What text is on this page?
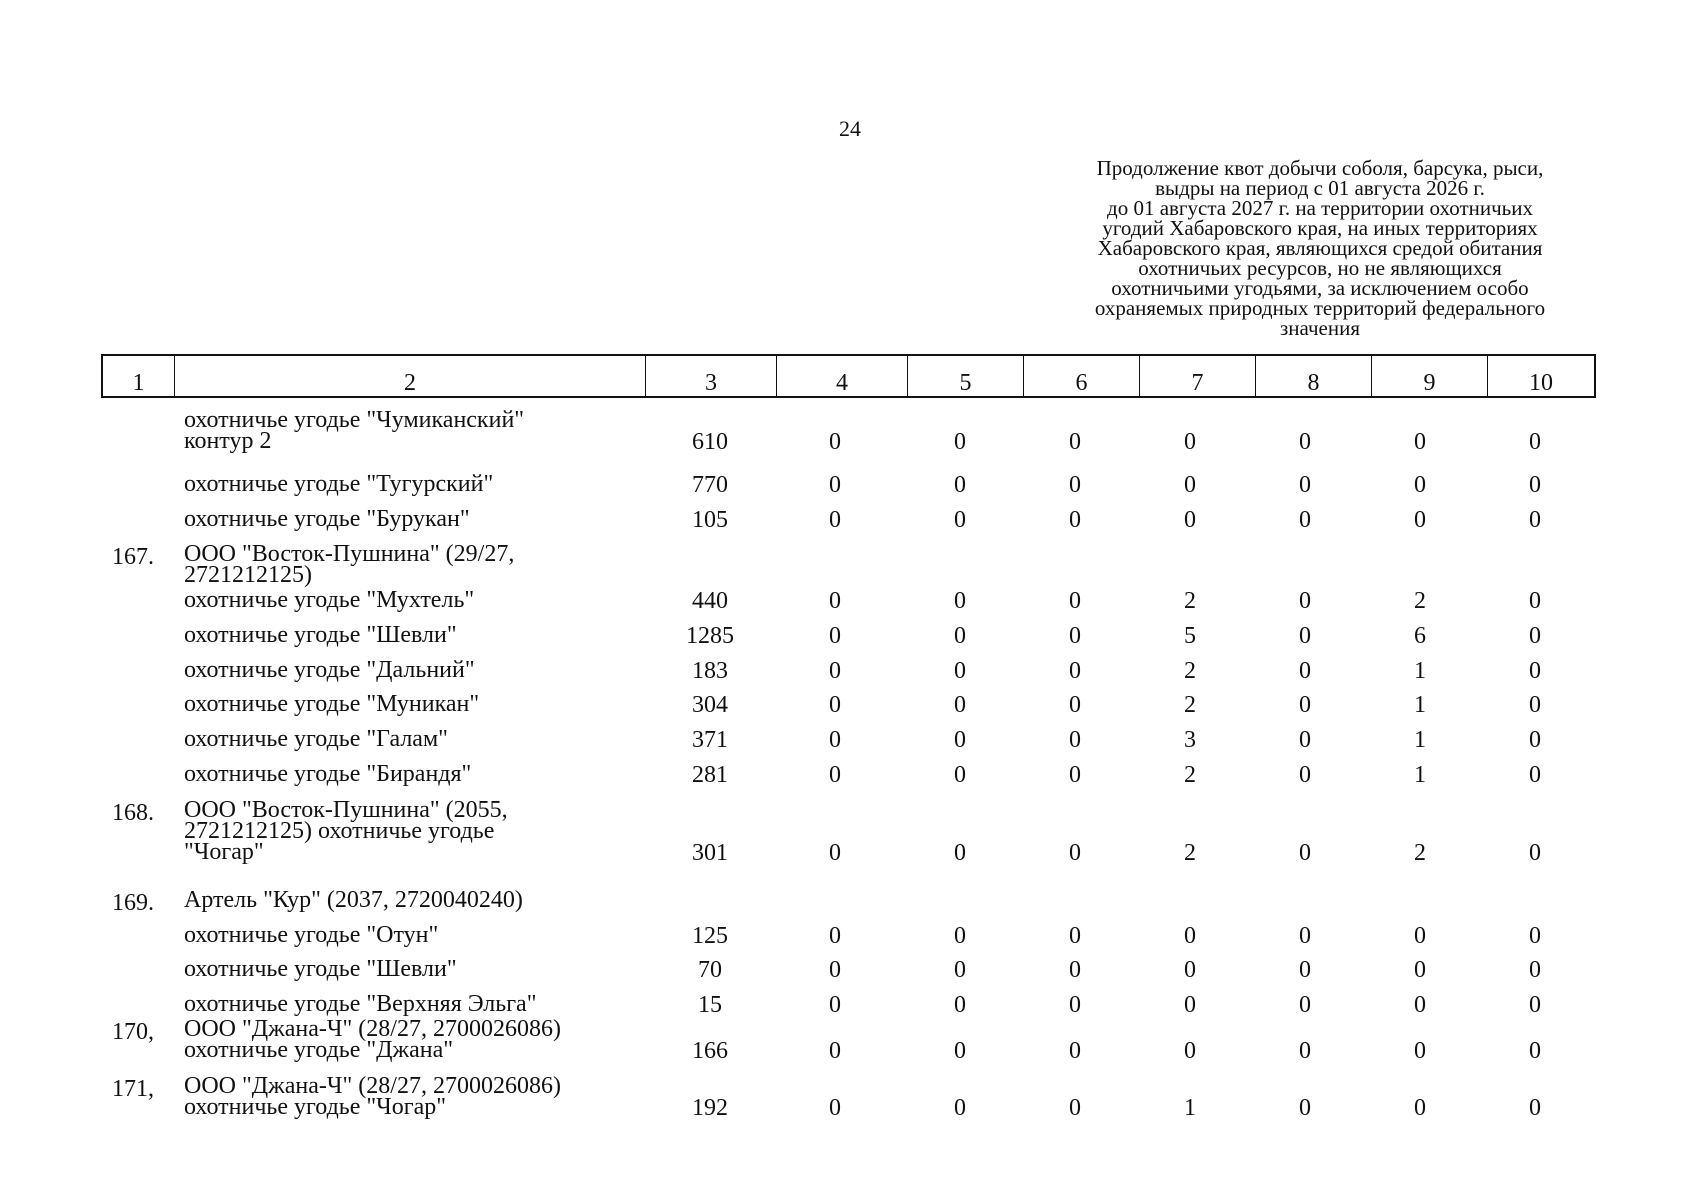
24
Продолжение квот добычи соболя, барсука, рыси,
выдры на период с 01 августа 2026 г.
до 01 августа 2027 г. на территории охотничьих
угодий Хабаровского края, на иных территориях
Хабаровского края, являющихся средой обитания
охотничьих ресурсов, но не являющихся
охотничьими угодьями, за исключением особо
охраняемых природных территорий федерального
значения
1	2	3	4	5	6	7	8	9	10
охотничье угодье "Чумиканский"
контур 2	610	0	0	0	0	0	0	0
охотничье угодье "Тугурский"	770	0	0	0	0	0	0	0
охотничье угодье "Бурукан"	105	0	0	0	0	0	0	0
167.	ООО "Восток-Пушнина" (29/27,
2721212125)
охотничье угодье "Мухтель"	440	0	0	0	2	0	2	0
охотничье угодье "Шевли"	1285	0	0	0	5	0	6	0
охотничье угодье "Дальний"	183	0	0	0	2	0	1	0
охотничье угодье "Муникан"	304	0	0	0	2	0	1	0
охотничье угодье "Галам"	371	0	0	0	3	0	1	0
охотничье угодье "Бирандя"	281	0	0	0	2	0	1	0
168.	ООО "Восток-Пушнина" (2055,
2721212125) охотничье угодье
"Чогар"	301	0	0	0	2	0	2	0
169.	Артель "Кур" (2037, 2720040240)
охотничье угодье "Отун"	125	0	0	0	0	0	0	0
охотничье угодье "Шевли"	70	0	0	0	0	0	0	0
охотничье угодье "Верхняя Эльга"	15	0	0	0	0	0	0	0
170,	ООО "Джана-Ч" (28/27, 2700026086)
охотничье угодье "Джана"	166	0	0	0	0	0	0	0
171,	ООО "Джана-Ч" (28/27, 2700026086)
охотничье угодье "Чогар"	192	0	0	0	1	0	0	0
